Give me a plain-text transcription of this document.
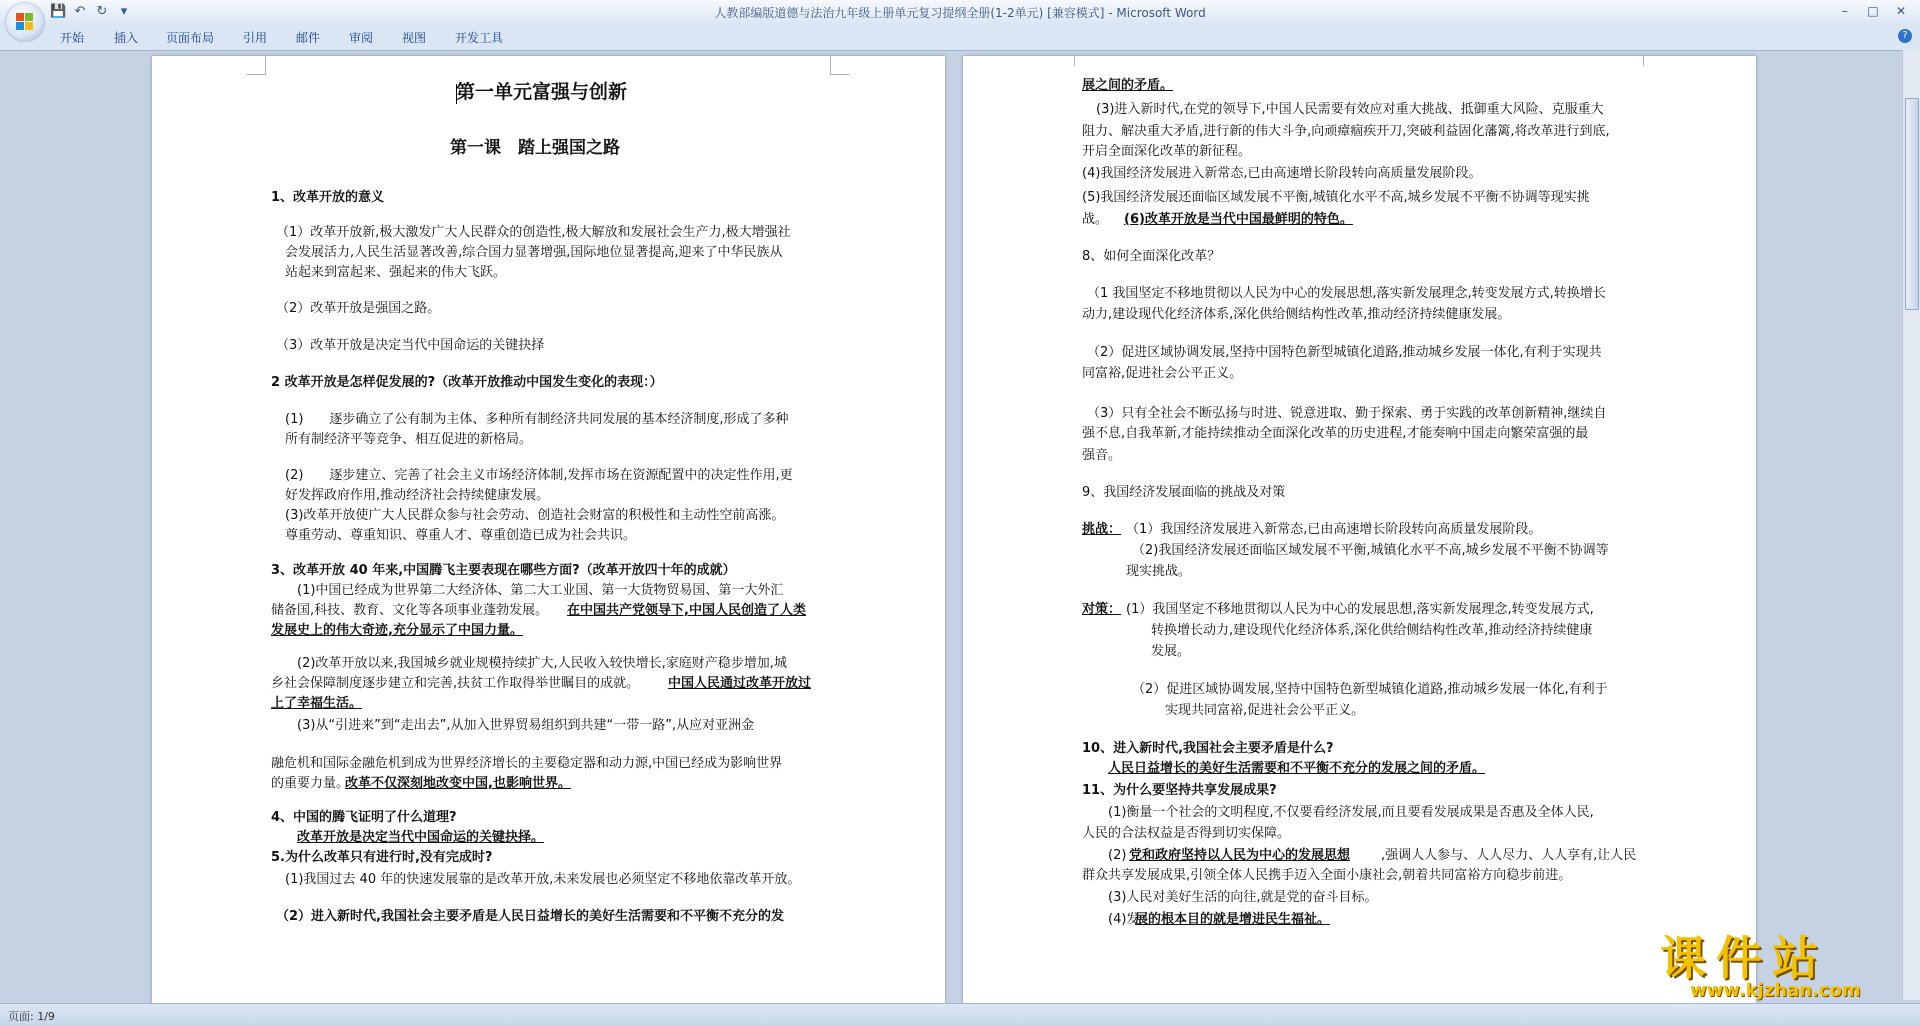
💾 ↶ ↻	▾	人教部编版道德与法治九年级上册单元复习提纲全册(1-2单元) [兼容模式] - Microsoft Word	–	□	✕
开始 插入 页面布局 引用 邮件 审阅 视图 开发工具	?
第一单元富强与创新
第一课　踏上强国之路
1、改革开放的意义
（1）改革开放新,极大激发广大人民群众的创造性,极大解放和发展社会生产力,极大增强社
会发展活力,人民生活显著改善,综合国力显著增强,国际地位显著提高,迎来了中华民族从
站起来到富起来、强起来的伟大飞跃。
（2）改革开放是强国之路。
（3）改革开放是决定当代中国命运的关键抉择
2 改革开放是怎样促发展的?（改革开放推动中国发生变化的表现：）
(1)　　逐步确立了公有制为主体、多种所有制经济共同发展的基本经济制度,形成了多种
所有制经济平等竞争、相互促进的新格局。
(2)　　逐步建立、完善了社会主义市场经济体制,发挥市场在资源配置中的决定性作用,更
好发挥政府作用,推动经济社会持续健康发展。
(3)改革开放使广大人民群众参与社会劳动、创造社会财富的积极性和主动性空前高涨。
尊重劳动、尊重知识、尊重人才、尊重创造已成为社会共识。
3、改革开放 40 年来,中国腾飞主要表现在哪些方面?（改革开放四十年的成就）
(1)中国已经成为世界第二大经济体、第二大工业国、第一大货物贸易国、第一大外汇
储备国,科技、教育、文化等各项事业蓬勃发展。 在中国共产党领导下,中国人民创造了人类
发展史上的伟大奇迹,充分显示了中国力量。
(2)改革开放以来,我国城乡就业规模持续扩大,人民收入较快增长,家庭财产稳步增加,城
乡社会保障制度逐步建立和完善,扶贫工作取得举世瞩目的成就。 中国人民通过改革开放过
上了幸福生活。
(3)从“引进来”到“走出去”,从加入世界贸易组织到共建“一带一路”,从应对亚洲金
融危机和国际金融危机到成为世界经济增长的主要稳定器和动力源,中国已经成为影响世界
的重要力量。
改革不仅深刻地改变中国,也影响世界。
4、中国的腾飞证明了什么道理?
改革开放是决定当代中国命运的关键抉择。
5.为什么改革只有进行时,没有完成时?
(1)我国过去 40 年的快速发展靠的是改革开放,未来发展也必须坚定不移地依靠改革开放。
（2）进入新时代,我国社会主要矛盾是人民日益增长的美好生活需要和不平衡不充分的发
展之间的矛盾。
(3)进入新时代,在党的领导下,中国人民需要有效应对重大挑战、抵御重大风险、克服重大
阻力、解决重大矛盾,进行新的伟大斗争,向顽瘴痼疾开刀,突破利益固化藩篱,将改革进行到底,
开启全面深化改革的新征程。
(4)我国经济发展进入新常态,已由高速增长阶段转向高质量发展阶段。
(5)我国经济发展还面临区域发展不平衡,城镇化水平不高,城乡发展不平衡不协调等现实挑
战。 (6)改革开放是当代中国最鲜明的特色。
8、如何全面深化改革？
（1 我国坚定不移地贯彻以人民为中心的发展思想,落实新发展理念,转变发展方式,转换增长
动力,建设现代化经济体系,深化供给侧结构性改革,推动经济持续健康发展。
（2）促进区域协调发展,坚持中国特色新型城镇化道路,推动城乡发展一体化,有利于实现共
同富裕,促进社会公平正义。
（3）只有全社会不断弘扬与时进、锐意进取、勤于探索、勇于实践的改革创新精神,继续自
强不息,自我革新,才能持续推动全面深化改革的历史进程,才能奏响中国走向繁荣富强的最
强音。
9、我国经济发展面临的挑战及对策
挑战： （1）我国经济发展进入新常态,已由高速增长阶段转向高质量发展阶段。
（2)我国经济发展还面临区域发展不平衡,城镇化水平不高,城乡发展不平衡不协调等
现实挑战。
对策： (1）我国坚定不移地贯彻以人民为中心的发展思想,落实新发展理念,转变发展方式,
转换增长动力,建设现代化经济体系,深化供给侧结构性改革,推动经济持续健康
发展。
（2）促进区域协调发展,坚持中国特色新型城镇化道路,推动城乡发展一体化,有利于
实现共同富裕,促进社会公平正义。
10、进入新时代,我国社会主要矛盾是什么?
人民日益增长的美好生活需要和不平衡不充分的发展之间的矛盾。
11、为什么要坚持共享发展成果?
(1)衡量一个社会的文明程度,不仅要看经济发展,而且要看发展成果是否惠及全体人民,
人民的合法权益是否得到切实保障。
(2) 党和政府坚持以人民为中心的发展思想 ,强调人人参与、人人尽力、人人享有,让人民
群众共享发展成果,引领全体人民携手迈入全面小康社会,朝着共同富裕方向稳步前进。
(3)人民对美好生活的向往,就是党的奋斗目标。
(4)发
展的根本目的就是增进民生福祉。
页面: 1/9
课件站
www.kjzhan.com
